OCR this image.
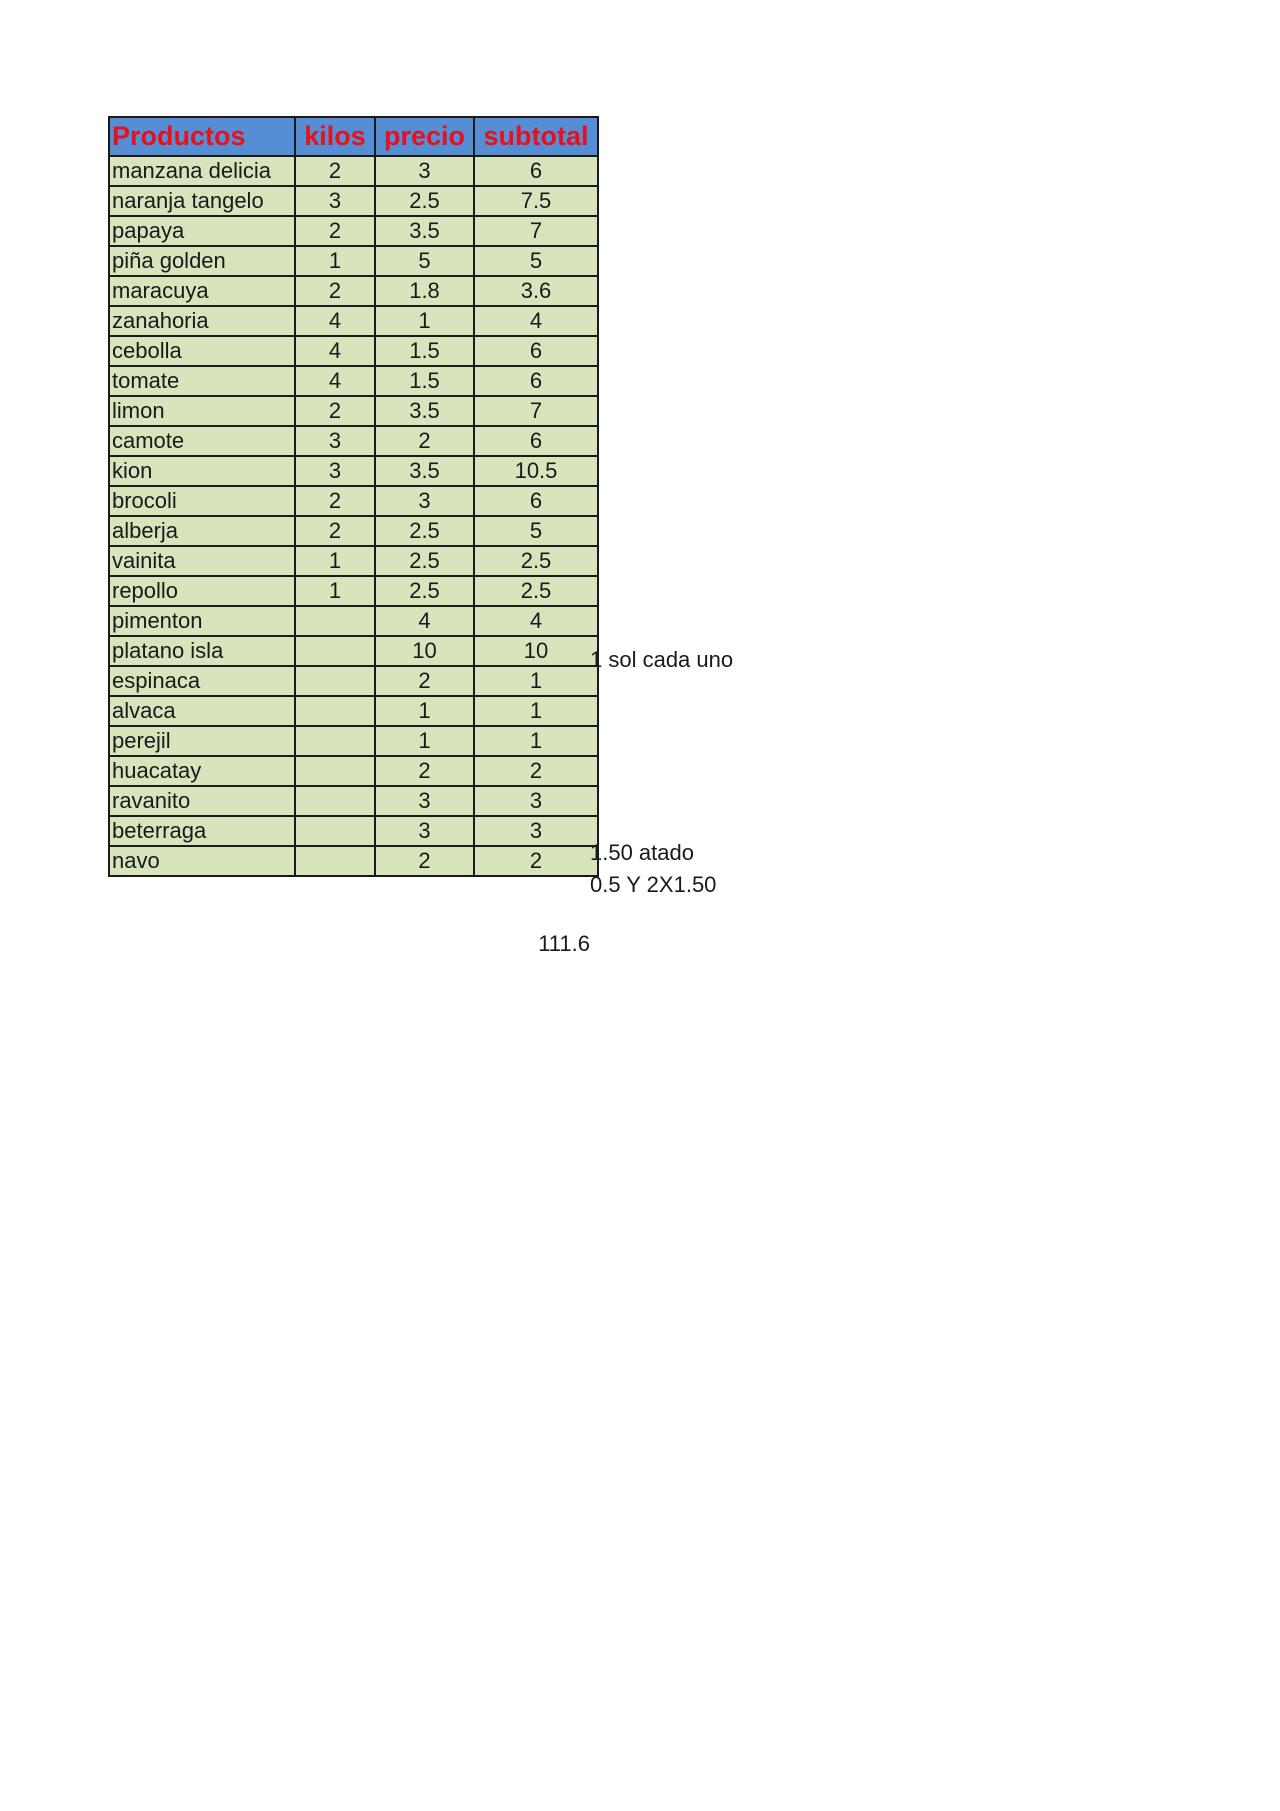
Productos	kilos	precio	subtotal
manzana delicia	2	3	6
naranja tangelo	3	2.5	7.5
papaya	2	3.5	7
piña golden	1	5	5
maracuya	2	1.8	3.6
zanahoria	4	1	4
cebolla	4	1.5	6
tomate	4	1.5	6
limon	2	3.5	7
camote	3	2	6
kion	3	3.5	10.5
brocoli	2	3	6
alberja	2	2.5	5
vainita	1	2.5	2.5
repollo	1	2.5	2.5
pimenton		4	4
platano isla		10	10
espinaca		2	1
alvaca		1	1
perejil		1	1
huacatay		2	2
ravanito		3	3
beterraga		3	3
navo		2	2
111.6
1 sol cada uno
1.50 atado
0.5 Y 2X1.50
